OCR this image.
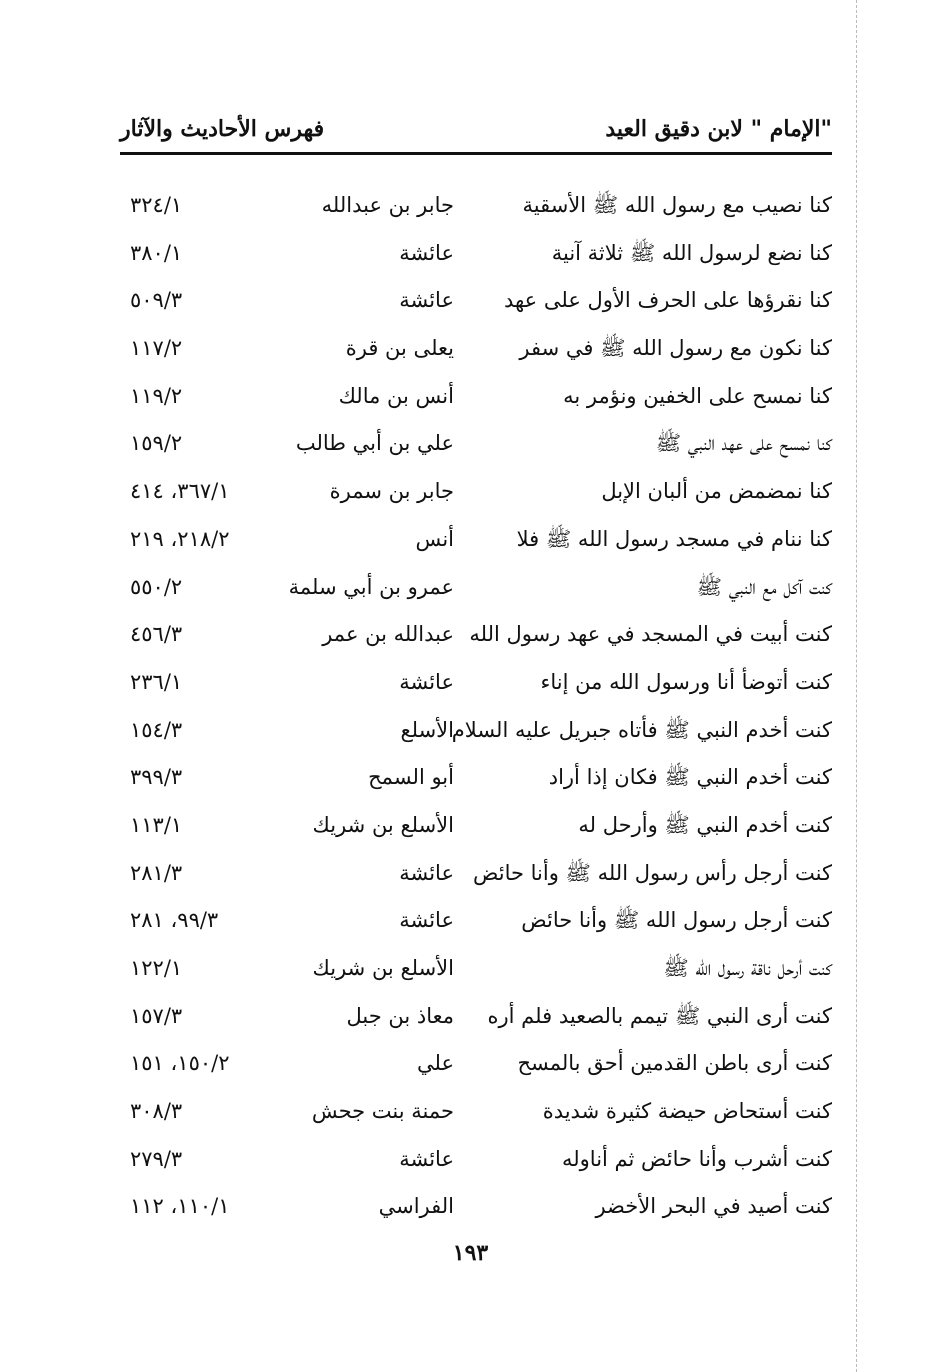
"الإمام " لابن دقيق العيد
فهرس الأحاديث والآثار
كنا نصيب مع رسول الله ﷺ الأسقية
جابر بن عبدالله
٣٢٤/١
كنا نضع لرسول الله ﷺ ثلاثة آنية
عائشة
٣٨٠/١
كنا نقرؤها على الحرف الأول على عهد
عائشة
٥٠٩/٣
كنا نكون مع رسول الله ﷺ في سفر
يعلى بن قرة
١١٧/٢
كنا نمسح على الخفين ونؤمر به
أنس بن مالك
١١٩/٢
كنا نمسح على عهد النبي ﷺ
علي بن أبي طالب
١٥٩/٢
كنا نمضمض من ألبان الإبل
جابر بن سمرة
٣٦٧/١، ٤١٤
كنا ننام في مسجد رسول الله ﷺ فلا
أنس
٢١٨/٢، ٢١٩
كنت آكل مع النبي ﷺ
عمرو بن أبي سلمة
٥٥٠/٢
كنت أبيت في المسجد في عهد رسول الله
عبدالله بن عمر
٤٥٦/٣
كنت أتوضأ أنا ورسول الله من إناء
عائشة
٢٣٦/١
كنت أخدم النبي ﷺ فأتاه جبريل عليه السلام
الأسلع
١٥٤/٣
كنت أخدم النبي ﷺ فكان إذا أراد
أبو السمح
٣٩٩/٣
كنت أخدم النبي ﷺ وأرحل له
الأسلع بن شريك
١١٣/١
كنت أرجل رأس رسول الله ﷺ وأنا حائض
عائشة
٢٨١/٣
كنت أرجل رسول الله ﷺ وأنا حائض
عائشة
٩٩/٣، ٢٨١
كنت أرحل ناقة رسول الله ﷺ
الأسلع بن شريك
١٢٢/١
كنت أرى النبي ﷺ تيمم بالصعيد فلم أره
معاذ بن جبل
١٥٧/٣
كنت أرى باطن القدمين أحق بالمسح
علي
١٥٠/٢، ١٥١
كنت أستحاض حيضة كثيرة شديدة
حمنة بنت جحش
٣٠٨/٣
كنت أشرب وأنا حائض ثم أناوله
عائشة
٢٧٩/٣
كنت أصيد في البحر الأخضر
الفراسي
١١٠/١، ١١٢
١٩٣
